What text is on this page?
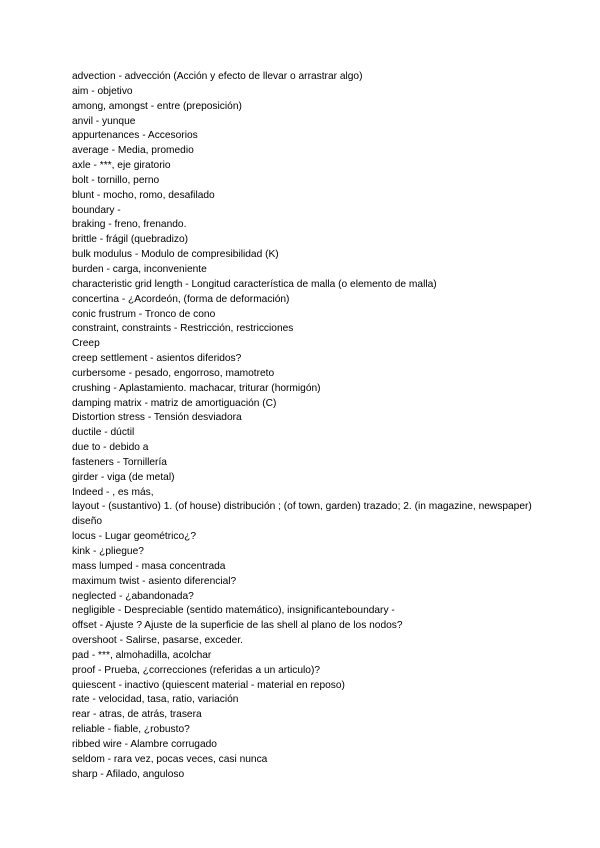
advection - advección (Acción y efecto de llevar o arrastrar algo)
aim - objetivo
among, amongst - entre (preposición)
anvil - yunque
appurtenances - Accesorios
average - Media, promedio
axle - ***, eje giratorio
bolt - tornillo, perno
blunt - mocho, romo, desafilado
boundary -
braking - freno, frenando.
brittle - frágil (quebradizo)
bulk modulus - Modulo de compresibilidad (K)
burden - carga, inconveniente
characteristic grid length - Longitud característica de malla (o elemento de malla)
concertina - ¿Acordeón, (forma de deformación)
conic frustrum - Tronco de cono
constraint, constraints - Restricción, restricciones
Creep
creep settlement - asientos diferidos?
curbersome - pesado, engorroso, mamotreto
crushing - Aplastamiento. machacar, triturar (hormigón)
damping matrix - matriz de amortiguación (C)
Distortion stress - Tensión desviadora
ductile - dúctil
due to - debido a
fasteners - Tornillería
girder - viga (de metal)
Indeed - , es más,
layout - (sustantivo) 1. (of house) distribución ; (of town, garden) trazado; 2. (in magazine, newspaper) diseño
locus - Lugar geométrico¿?
kink - ¿pliegue?
mass lumped - masa concentrada
maximum twist - asiento diferencial?
neglected - ¿abandonada?
negligible - Despreciable (sentido matemático), insignificanteboundary -
offset - Ajuste ? Ajuste de la superficie de las shell al plano de los nodos?
overshoot - Salirse, pasarse, exceder.
pad - ***, almohadilla, acolchar
proof - Prueba, ¿correcciones (referidas a un articulo)?
quiescent - inactivo (quiescent material - material en reposo)
rate - velocidad, tasa, ratio, variación
rear - atras, de atrás, trasera
reliable - fiable, ¿robusto?
ribbed wire - Alambre corrugado
seldom - rara vez, pocas veces, casi nunca
sharp - Afilado, anguloso
